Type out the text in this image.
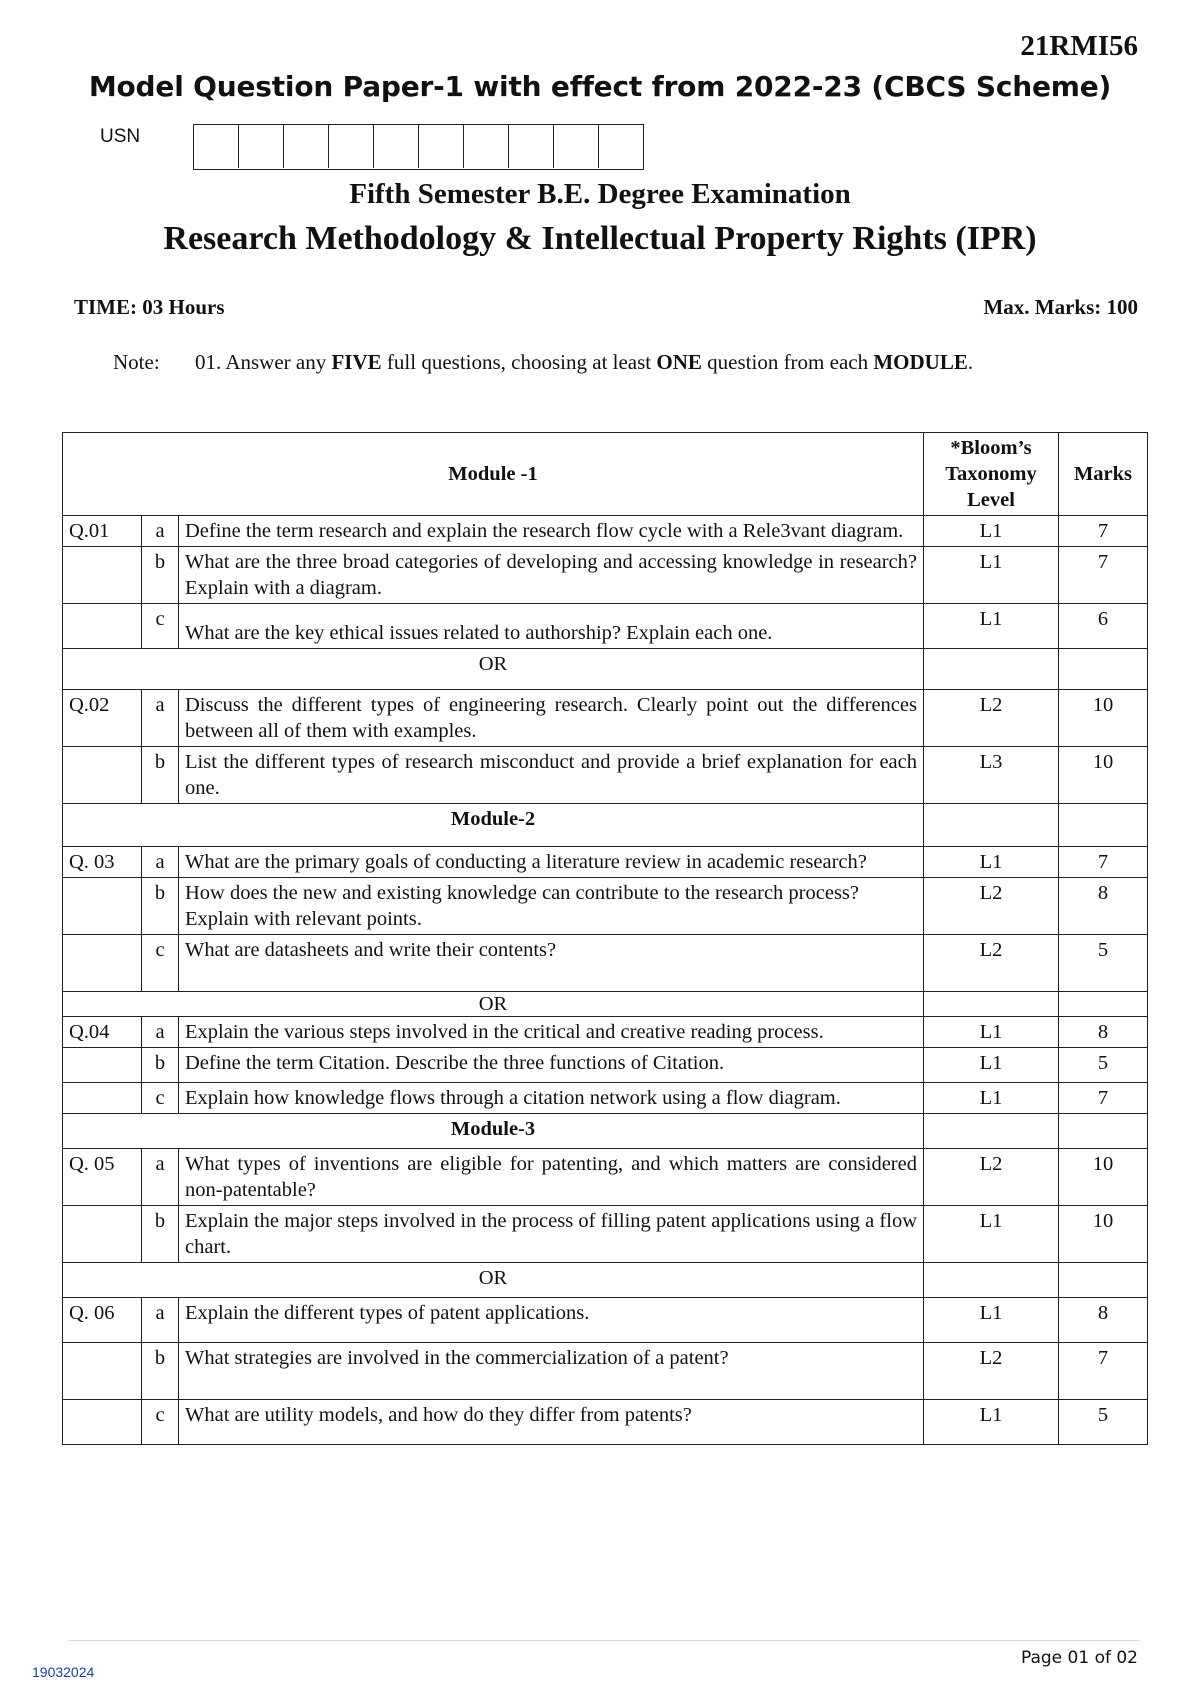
21RMI56
Model Question Paper-1 with effect from 2022-23 (CBCS Scheme)
USN
Fifth Semester B.E. Degree Examination
Research Methodology & Intellectual Property Rights (IPR)
TIME: 03 Hours	Max. Marks: 100
Note: 01. Answer any FIVE full questions, choosing at least ONE question from each MODULE.
Module -1			*Bloom’s Taxonomy Level	Marks
Q.01	a	Define the term research and explain the research flow cycle with a Rele3vant diagram.	L1	7
	b	What are the three broad categories of developing and accessing knowledge in research? Explain with a diagram.	L1	7
	c	What are the key ethical issues related to authorship? Explain each one.	L1	6
OR				
Q.02	a	Discuss the different types of engineering research. Clearly point out the differences between all of them with examples.	L2	10
	b	List the different types of research misconduct and provide a brief explanation for each one.	L3	10
Module-2				
Q. 03	a	What are the primary goals of conducting a literature review in academic research?	L1	7
	b	How does the new and existing knowledge can contribute to the research process? Explain with relevant points.	L2	8
	c	What are datasheets and write their contents?	L2	5
OR				
Q.04	a	Explain the various steps involved in the critical and creative reading process.	L1	8
	b	Define the term Citation. Describe the three functions of Citation.	L1	5
	c	Explain how knowledge flows through a citation network using a flow diagram.	L1	7
Module-3				
Q. 05	a	What types of inventions are eligible for patenting, and which matters are considered non-patentable?	L2	10
	b	Explain the major steps involved in the process of filling patent applications using a flow chart.	L1	10
OR				
Q. 06	a	Explain the different types of patent applications.	L1	8
	b	What strategies are involved in the commercialization of a patent?	L2	7
	c	What are utility models, and how do they differ from patents?	L1	5
Page 01 of 02
19032024
